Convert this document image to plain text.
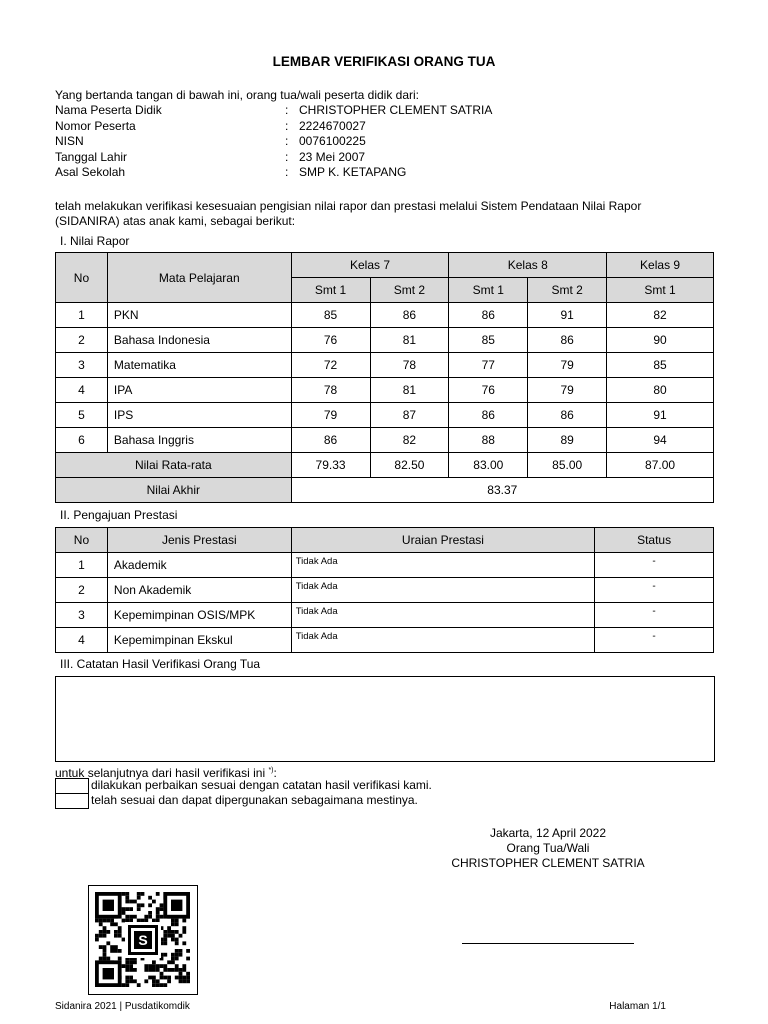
LEMBAR VERIFIKASI ORANG TUA
Yang bertanda tangan di bawah ini, orang tua/wali peserta didik dari:
Nama Peserta Didik	: CHRISTOPHER CLEMENT SATRIA
Nomor Peserta	: 2224670027
NISN	: 0076100225
Tanggal Lahir	: 23 Mei 2007
Asal Sekolah	: SMP K. KETAPANG
telah melakukan verifikasi kesesuaian pengisian nilai rapor dan prestasi melalui Sistem Pendataan Nilai Rapor
(SIDANIRA) atas anak kami, sebagai berikut:
I. Nilai Rapor
No	Mata Pelajaran	Kelas 7		Kelas 8		Kelas 9
		Smt 1	Smt 2	Smt 1	Smt 2	Smt 1
1	PKN	85	86	86	91	82
2	Bahasa Indonesia	76	81	85	86	90
3	Matematika	72	78	77	79	85
4	IPA	78	81	76	79	80
5	IPS	79	87	86	86	91
6	Bahasa Inggris	86	82	88	89	94
Nilai Rata-rata		79.33	82.50	83.00	85.00	87.00
Nilai Akhir		83.37				
II. Pengajuan Prestasi
No	Jenis Prestasi	Uraian Prestasi	Status
1	Akademik	Tidak Ada	-
2	Non Akademik	Tidak Ada	-
3	Kepemimpinan OSIS/MPK	Tidak Ada	-
4	Kepemimpinan Ekskul	Tidak Ada	-
III. Catatan Hasil Verifikasi Orang Tua
untuk selanjutnya dari hasil verifikasi ini *):
dilakukan perbaikan sesuai dengan catatan hasil verifikasi kami.
telah sesuai dan dapat dipergunakan sebagaimana mestinya.
Jakarta, 12 April 2022
Orang Tua/Wali
CHRISTOPHER CLEMENT SATRIA
S
Sidanira 2021 | Pusdatikomdik	Halaman 1/1
